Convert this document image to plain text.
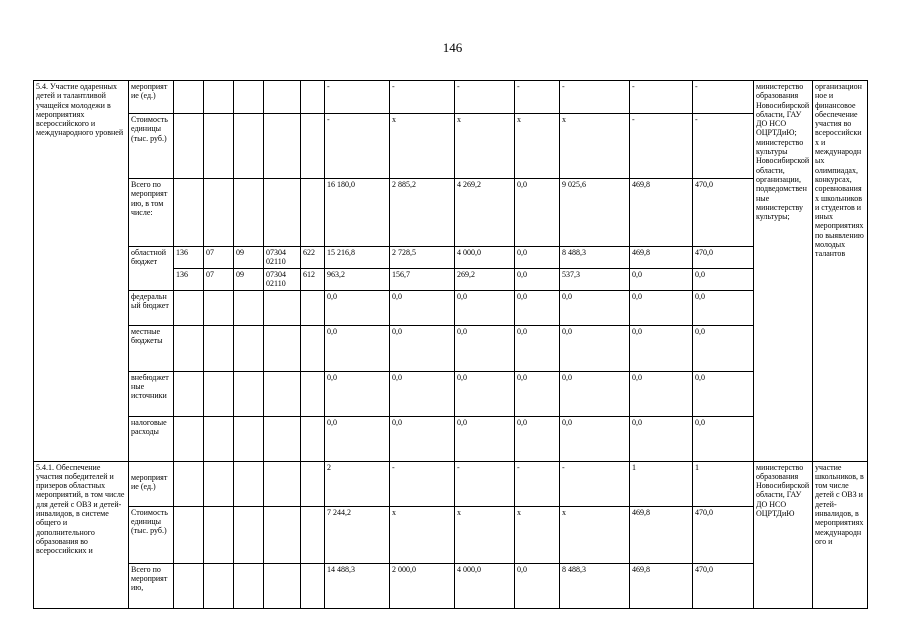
146
5.4. Участие одаренных детей и талантливой учащейся молодежи в мероприятиях всероссийского и международного уровней	мероприятие (ед.)						-	-	-	-	-	-	-	министерство образования Новосибирской области, ГАУ ДО НСО ОЦРТДиЮ; министерство культуры Новосибирской области, организации, подведомственные министерству культуры;	организационное и финансовое обеспечение участия во всероссийских и международных олимпиадах, конкурсах, соревнованиях школьников и студентов и иных мероприятиях по выявлению молодых талантов
	Стоимость единицы (тыс. руб.)						-	х	х	х	х	-	-		
	Всего по мероприятию, в том числе:						16 180,0	2 885,2	4 269,2	0,0	9 025,6	469,8	470,0		
	областной бюджет	136	07	09	07304 02110	622	15 216,8	2 728,5	4 000,0	0,0	8 488,3	469,8	470,0		
		136	07	09	07304 02110	612	963,2	156,7	269,2	0,0	537,3	0,0	0,0		
	федеральный бюджет						0,0	0,0	0,0	0,0	0,0	0,0	0,0		
	местные бюджеты						0,0	0,0	0,0	0,0	0,0	0,0	0,0		
	внебюджетные источники						0,0	0,0	0,0	0,0	0,0	0,0	0,0		
	налоговые расходы						0,0	0,0	0,0	0,0	0,0	0,0	0,0		
5.4.1. Обеспечение участия победителей и призеров областных мероприятий, в том числе для детей с ОВЗ и детей-инвалидов, в системе общего и дополнительного образования во всероссийских и	мероприятие (ед.)						2	-	-	-	-	1	1	министерство образования Новосибирской области, ГАУ ДО НСО ОЦРТДиЮ	участие школьников, в том числе детей с ОВЗ и детей-инвалидов, в мероприятиях международного и
	Стоимость единицы (тыс. руб.)						7 244,2	х	х	х	х	469,8	470,0		
	Всего по мероприятию,						14 488,3	2 000,0	4 000,0	0,0	8 488,3	469,8	470,0		
